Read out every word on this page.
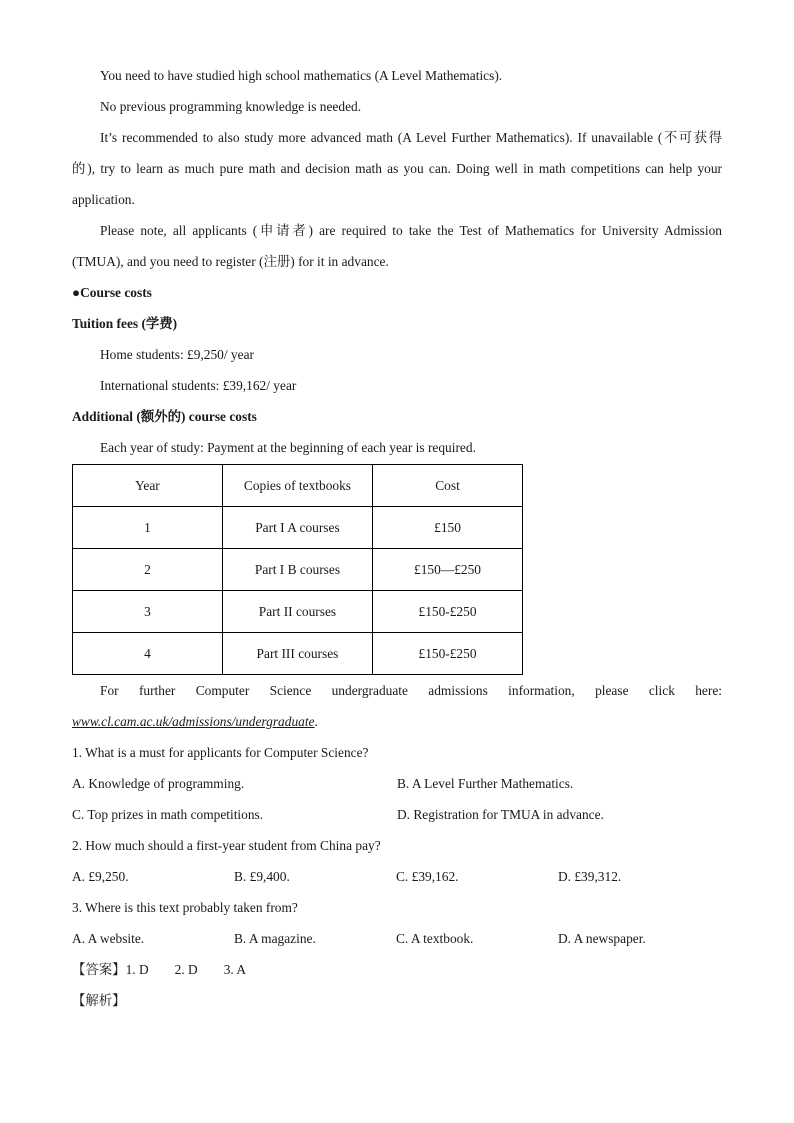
You need to have studied high school mathematics (A Level Mathematics).
No previous programming knowledge is needed.
It’s recommended to also study more advanced math (A Level Further Mathematics). If unavailable (不可获得
的), try to learn as much pure math and decision math as you can. Doing well in math competitions can help your
application.
Please note, all applicants (申请者) are required to take the Test of Mathematics for University Admission
(TMUA), and you need to register (注册) for it in advance.
●Course costs
Tuition fees (学费)
Home students: £9,250/ year
International students: £39,162/ year
Additional (额外的) course costs
Each year of study: Payment at the beginning of each year is required.
Year	Copies of textbooks	Cost
1	Part I A courses	£150
2	Part I B courses	£150—£250
3	Part II courses	£150-£250
4	Part III courses	£150-£250
For further Computer Science undergraduate admissions information, please click here:
www.cl.cam.ac.uk/admissions/undergraduate.
1. What is a must for applicants for Computer Science?
A. Knowledge of programming.	B. A Level Further Mathematics.
C. Top prizes in math competitions.	D. Registration for TMUA in advance.
2. How much should a first-year student from China pay?
A. £9,250.	B. £9,400.	C. £39,162.	D. £39,312.
3. Where is this text probably taken from?
A. A website.	B. A magazine.	C. A textbook.	D. A newspaper.
【答案】1. D 2. D 3. A
【解析】
